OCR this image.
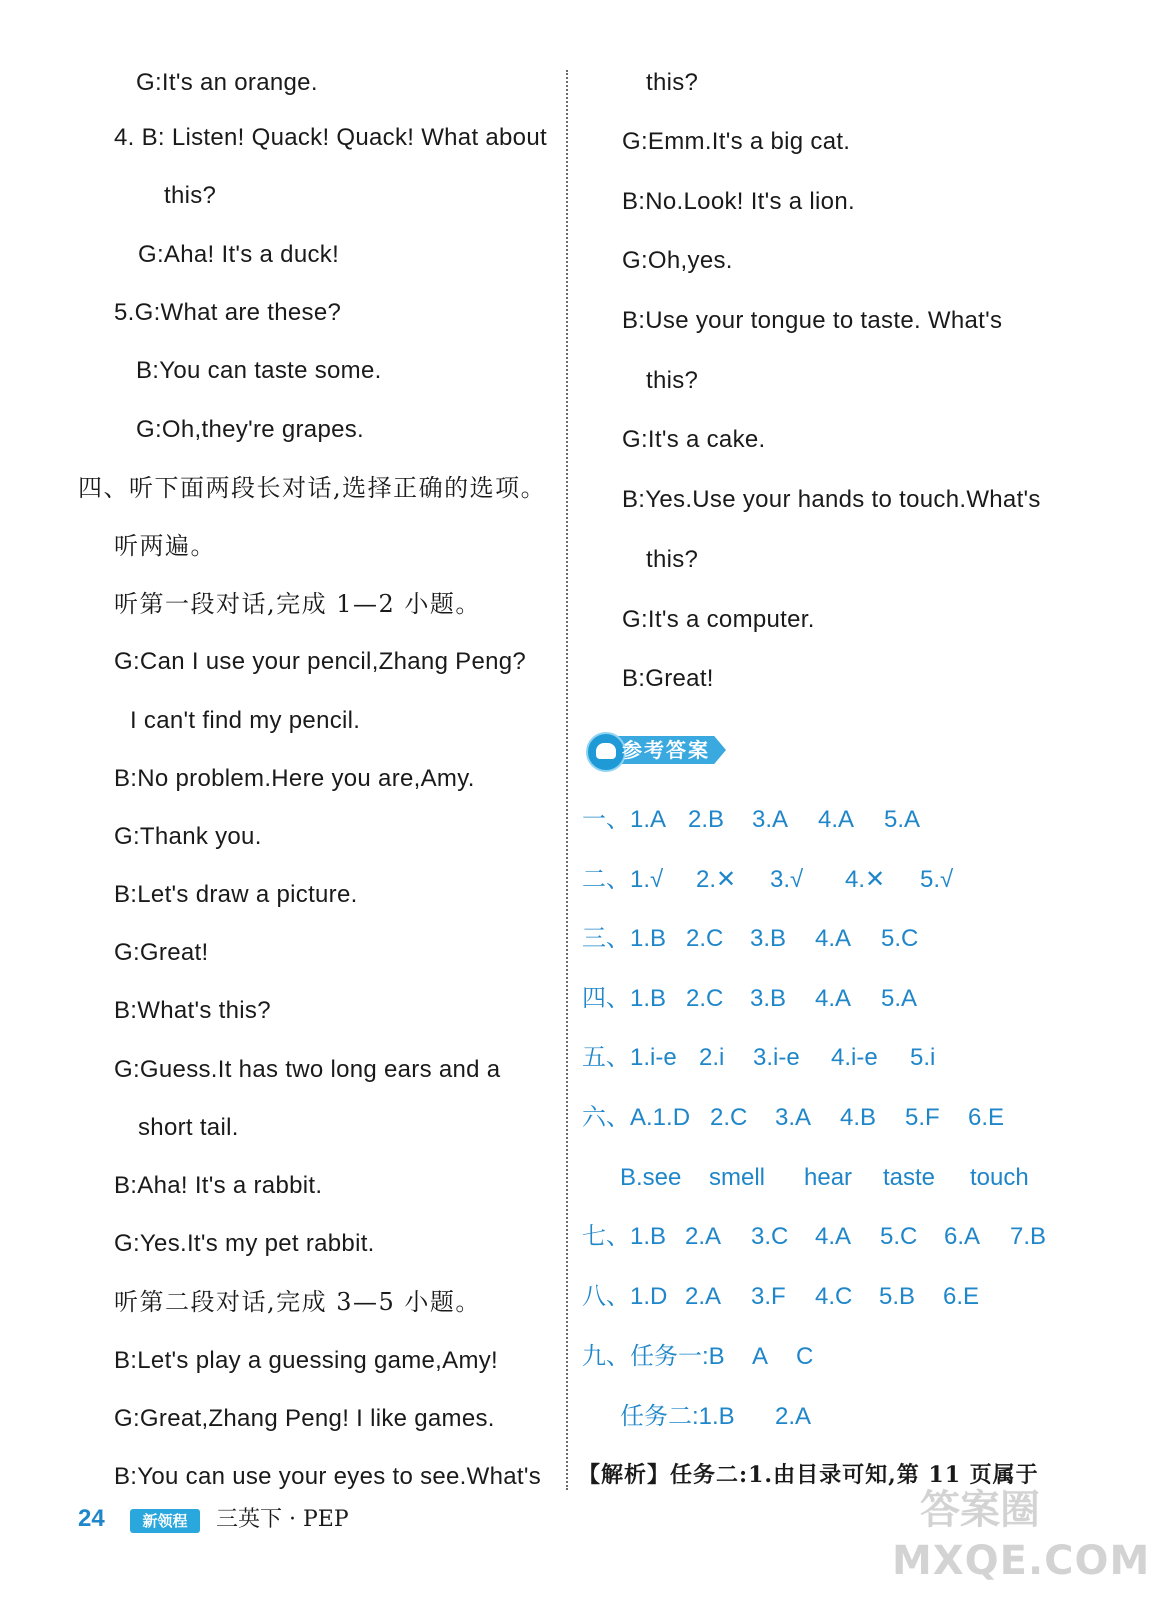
G:It's an orange.
4. B: Listen! Quack! Quack! What about
this?
G:Aha! It's a duck!
5.G:What are these?
B:You can taste some.
G:Oh,they're grapes.
四、听下面两段长对话,选择正确的选项。
听两遍。
听第一段对话,完成 1—2 小题。
G:Can I use your pencil,Zhang Peng?
I can't find my pencil.
B:No problem.Here you are,Amy.
G:Thank you.
B:Let's draw a picture.
G:Great!
B:What's this?
G:Guess.It has two long ears and a
short tail.
B:Aha! It's a rabbit.
G:Yes.It's my pet rabbit.
听第二段对话,完成 3—5 小题。
B:Let's play a guessing game,Amy!
G:Great,Zhang Peng! I like games.
B:You can use your eyes to see.What's
this?
G:Emm.It's a big cat.
B:No.Look! It's a lion.
G:Oh,yes.
B:Use your tongue to taste. What's
this?
G:It's a cake.
B:Yes.Use your hands to touch.What's
this?
G:It's a computer.
B:Great!
参考答案
一、1.A 2.B 3.A 4.A 5.A
二、1.√ 2.✕ 3.√ 4.✕ 5.√
三、1.B 2.C 3.B 4.A 5.C
四、1.B 2.C 3.B 4.A 5.A
五、1.i-e 2.i 3.i-e 4.i-e 5.i
六、A.1.D 2.C 3.A 4.B 5.F 6.E
B.see smell hear taste touch
七、1.B 2.A 3.C 4.A 5.C 6.A 7.B
八、1.D 2.A 3.F 4.C 5.B 6.E
九、任务一:B A C
任务二:1.B 2.A
【解析】任务二:1.由目录可知,第 11 页属于
24	新领程	三英下 · PEP	答案圈
MXQE.COM
